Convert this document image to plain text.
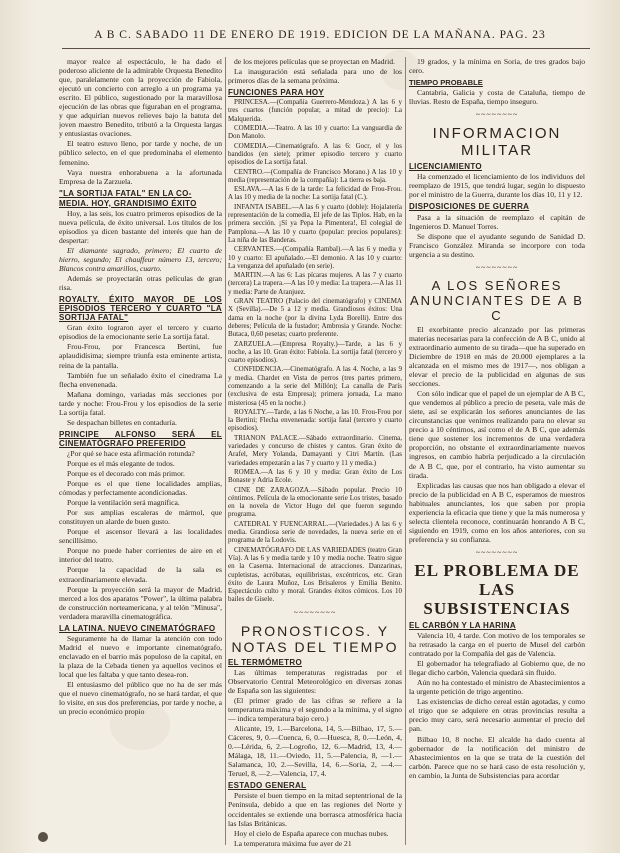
A B C. SABADO 11 DE ENERO DE 1919. EDICION DE LA MAÑANA. PAG. 23

mayor realce al espectáculo, le ha dado el poderoso aliciente de la admirable Orquesta Benedito que, paralelamente con la proyección de Fabiola, ejecutó un concierto con arreglo a un programa ya escrito. El público, sugestionado por la maravillosa ejecución de las obras que figuraban en el programa, y que adquirían nuevos relieves bajo la batuta del joven maestro Benedito, tributó a la Orquesta largas y entusiastas ovaciones.

El teatro estuvo lleno, por tarde y noche, de un público selecto, en el que predominaba el elemento femenino.

Vaya nuestra enhorabuena a la afortunada Empresa de la Zarzuela.

"LA SORTIJA FATAL" EN LA CO-
MEDIA. HOY, GRANDISIMO ÉXITO

Hoy, a las seis, los cuatro primeros episodios de la nueva película, de éxito universal. Los títulos de los episodios ya dicen bastante del interés que han de despertar:

El diamante sagrado, primero; El cuarto de hierro, segundo; El chauffeur número 13, tercero; Blancos contra amarillos, cuarto.

Además se proyectarán otras películas de gran risa.

ROYALTY. ÉXITO MAYOR DE LOS EPISODIOS TERCERO Y CUARTO "LA SORTIJA FATAL"

Gran éxito lograron ayer el tercero y cuarto episodios de la emocionante serie La sortija fatal.

Frou-Frou, por Francesca Bertini, fue aplaudidísima; siempre triunfa esta eminente artista, reina de la pantalla.

También fue un señalado éxito el cinedrama La flecha envenenada.

Mañana domingo, variadas más secciones por tarde y noche: Frou-Frou y los episodios de la serie La sortija fatal.

Se despachan billetes en contaduría.

PRINCIPE ALFONSO SERÁ EL CINEMATÓGRAFO PREFERIDO

¿Por qué se hace esta afirmación rotunda?

Porque es el más elegante de todos.

Porque es el decorado con más primor.

Porque es el que tiene localidades amplias, cómodas y perfectamente acondicionadas.

Porque la ventilación será magnífica.

Por sus amplias escaleras de mármol, que constituyen un alarde de buen gusto.

Porque el ascensor llevará a las localidades sencillísimo.

Porque no puede haber corrientes de aire en el interior del teatro.

Porque la capacidad de la sala es extraordinariamente elevada.

Porque la proyección será la mayor de Madrid, merced a los dos aparatos "Power", la última palabra de construcción norteamericana, y al telón "Minusa", verdadera maravilla cinematográfica.

LA LATINA. NUEVO CINEMATÓGRAFO

Seguramente ha de llamar la atención con todo Madrid el nuevo e importante cinematógrafo, enclavado en el barrio más populoso de la capital, en la plaza de la Cebada tienen ya aquellos vecinos el local que les faltaba y que tanto desea-ron.

El entusiasmo del público que no ha de ser más que el nuevo cinematógrafo, no se hará tardar, el que lo visite, en sus dos preferencias, por tarde y noche, a un precio económico propio

de los mejores películas que se proyectan en Madrid.

La inauguración está señalada para uno de los primeros días de la semana próxima.

FUNCIONES PARA HOY

PRINCESA.—(Compañía Guerrero-Mendoza.) A las 6 y tres cuartos (función popular, a mitad de precio): La Malquerida.

COMEDIA.—Teatro. A las 10 y cuarto: La vanguardia de Don Manolo.

COMEDIA.—Cinematógrafo. A las 6: Gocr, el y los bandidos (en siete); primer episodio tercero y cuarto episodios de La sortija fatal.

CENTRO.—(Compañía de Francisco Morano.) A las 10 y media (representación de la compañía): La tierra es baja.

ESLAVA.—A las 6 de la tarde: La felicidad de Frou-Frou. A las 10 y media de la noche: La sortija fatal (C.).

INFANTA ISABEL.—A las 6 y cuarto (doble): Hojalatería representación de la comedia, El jefe de las Tiplos. Hab, en la primera sección. ¡Sí ya Pepa la Pimentera!, El colegial de Pamplona.—A las 10 y cuarto (popular: precios populares): La niña de las Banderas.

CERVANTES.—(Compañía Rambal).—A las 6 y media y 10 y cuarto: El apuñalado.—El demonio. A las 10 y cuarto: La venganza del apuñalado (en serie).

MARTIN.—A las 6: Las pícaras mujeres. A las 7 y cuarto (tercera) La trapera.—A las 10 y media: La trapera.—A las 11 y media: Parte de Aranjuez.

GRAN TEATRO (Palacio del cinematógrafo) y CINEMA X (Sevilla).—De 5 a 12 y media. Grandiosos éxitos: Una dama en la noche (por la divina Lyda Borelli). Entre dos deberes; Película de la fustador; Ambrosia y Grande. Noche: Butaca, 0,60 pesetas; cuarto preferente.

ZARZUELA.—(Empresa Royalty.)—Tarde, a las 6 y noche, a las 10. Gran éxito: Fabiola. La sortija fatal (tercero y cuarto episodios).

CONFIDENCIA.—Cinematógrafo. A las 4. Noche, a las 9 y media. Chardet en Vista de perros (tres partes primero, comenzando a la serie del Millón); La canalla de París (exclusiva de esta Empresa); primera jornada, La mano misteriosa (45 en la noche.)

ROYALTY.—Tarde, a las 6 Noche, a las 10. Frou-Frou por la Bertini; Flecha envenenada: sortija fatal (tercero y cuarto episodios).

TRIANON PALACE.—Sábado extraordinario. Cinema, variedades y concurso de chistes y cantos. Gran éxito de Arafel, Mery Yolanda, Damayanti y Citri Martín. (Las variedades empezarán a las 7 y cuarto y 11 y media.)

ROMEA.—A las 6 y 10 y media: Gran éxito de Los Bonaste y Adria Ecole.

CINE DE ZARAGOZA.—Sábado popular. Precio 10 céntimos. Película de la emocionante serie Los tristes, basado en la novela de Victor Hugo del que fueron segundo programa.

CATEDRAL Y FUENCARRAL.—(Variedades.) A las 6 y media. Grandiosa serie de novedades, la nueva serie en el programa de la Lodovis.

CINEMATÓGRAFO DE LAS VARIEDADES (teatro Gran Vía). A las 6 y media tarde y 10 y media noche. Teatro sigue en la Caserna. Internacional de atracciones. Danzarinas, cupletistas, acróbatas, equilibristas, excéntricos, etc. Gran éxito de Laura Muñoz, Los Brisaleros y Emilia Benito. Espectáculo culto y moral. Grandes éxitos cómicos. Los 10 bailes de Gisele.

~~~~~~~~
PRONOSTICOS. Y NOTAS DEL TIEMPO
EL TERMÓMETRO

Las últimas temperaturas registradas por el Observatorio Central Meteorológico en diversas zonas de España son las siguientes:

(El primer grado de las cifras se refiere a la temperatura máxima y el segundo a la mínima, y el signo — indica temperatura bajo cero.)

Alicante, 19, 1.—Barcelona, 14, 5.—Bilbao, 17, 5.—Cáceres, 9, 0.—Cuenca, 6, 0.—Huesca, 8, 0.—León, 4, 0.—Lérida, 6, 2.—Logroño, 12, 6.—Madrid, 13, 4.—Málaga, 18, 11.—Oviedo, 11, 5.—Palencia, 8, —1.—Salamanca, 10, 2.—Sevilla, 14, 6.—Soria, 2, —4.—Teruel, 8, —2.—Valencia, 17, 4.

ESTADO GENERAL

Persiste el buen tiempo en la mitad septentrional de la Península, debido a que en las regiones del Norte y occidentales se extiende una borrasca atmosférica hacia las Islas Británicas.

Hoy el cielo de España aparece con muchas nubes.

La temperatura máxima fue ayer de 21

19 grados, y la mínima en Soria, de tres grados bajo cero.

TIEMPO PROBABLE

Cantabria, Galicia y costa de Cataluña, tiempo de lluvias. Resto de España, tiempo inseguro.

~~~~~~~~
INFORMACION MILITAR
LICENCIAMIENTO

Ha comenzado el licenciamiento de los individuos del reemplazo de 1915, que tendrá lugar, según lo dispuesto por el ministro de la Guerra, durante los días 10, 11 y 12.

DISPOSICIONES DE GUERRA

Pasa a la situación de reemplazo el capitán de Ingenieros D. Manuel Torres.

Se dispone que el ayudante segundo de Sanidad D. Francisco González Miranda se incorpore con toda urgencia a su destino.

~~~~~~~~
A LOS SEÑORES ANUNCIANTES DE A B C

El exorbitante precio alcanzado por las primeras materias necesarias para la confección de A B C, unido al extraordinario aumento de su tirada—que ha superado en Diciembre de 1918 en más de 20.000 ejemplares a la alcanzada en el mismo mes de 1917—, nos obligan a elevar el precio de la publicidad en algunas de sus secciones.

Con sólo indicar que el papel de un ejemplar de A B C, que vendemos al público a precio de peseta, vale más de siete, así se explicarán los señores anunciantes de las circunstancias que venimos realizando para no elevar su precio a 10 céntimos, así como el de A B C, que además tiene que sostener los incrementos de una verdadera proporción, no obstante el extraordinariamente nuevos ingresos, en cambio habría perjudicado a la circulación de A B C, que, por el contrario, ha visto aumentar su tirada.

Explicadas las causas que nos han obligado a elevar el precio de la publicidad en A B C, esperamos de nuestros habituales anunciantes, los que saben por propia experiencia la eficacia que tiene y que la más numerosa y selecta clientela reconoce, continuarán honrando A B C, siguiendo en 1919, como en los años anteriores, con su preferencia y su confianza.

~~~~~~~~
EL PROBLEMA DE LAS SUBSISTENCIAS
EL CARBÓN Y LA HARINA

Valencia 10, 4 tarde. Con motivo de los temporales se ha retrasado la carga en el puerto de Musel del carbón contratado por la Compañía del gas de Valencia.

El gobernador ha telegrafiado al Gobierno que, de no llegar dicho carbón, Valencia quedará sin fluido.

Aún no ha contestado el ministro de Abastecimientos a la urgente petición de trigo argentino.

Las existencias de dicho cereal están agotadas, y como el trigo que se adquiere en otras provincias resulta a precio muy caro, será necesario aumentar el precio del pan.

Bilbao 10, 8 noche. El alcalde ha dado cuenta al gobernador de la notificación del ministro de Abastecimientos en la que se trata de la cuestión del carbón. Parece que no se hará caso de esta resolución y, en cambio, la Junta de Subsistencias para acordar
